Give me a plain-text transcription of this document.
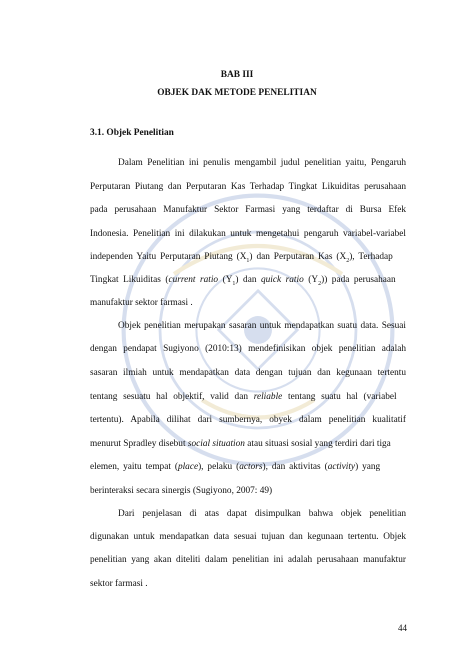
BAB III
OBJEK DAK METODE PENELITIAN
3.1. Objek Penelitian
Dalam Penelitian ini penulis mengambil judul penelitian yaitu, Pengaruh
Perputaran Piutang dan Perputaran Kas Terhadap Tingkat Likuiditas perusahaan
pada perusahaan Manufaktur Sektor Farmasi yang terdaftar di Bursa Efek
Indonesia. Penelitian ini dilakukan untuk mengetahui pengaruh variabel-variabel
independen Yaitu Perputaran Piutang $(X_1)$ dan Perputaran Kas $(X_2)$, Terhadap
Tingkat Likuiditas (current ratio $(Y_1)$ dan quick ratio $(Y_2)$) pada perusahaan
manufaktur sektor farmasi .
Objek penelitian merupakan sasaran untuk mendapatkan suatu data. Sesuai
dengan pendapat Sugiyono (2010:13) mendefinisikan objek penelitian adalah
sasaran ilmiah untuk mendapatkan data dengan tujuan dan kegunaan tertentu
tentang sesuatu hal objektif, valid dan reliable tentang suatu hal (variabel
tertentu). Apabila dilihat dari sumbernya, obyek dalam penelitian kualitatif
menurut Spradley disebut social situation atau situasi sosial yang terdiri dari tiga
elemen, yaitu tempat (place), pelaku (actors), dan aktivitas (activity) yang
berinteraksi secara sinergis (Sugiyono, 2007: 49)
Dari penjelasan di atas dapat disimpulkan bahwa objek penelitian
digunakan untuk mendapatkan data sesuai tujuan dan kegunaan tertentu. Objek
penelitian yang akan diteliti dalam penelitian ini adalah perusahaan manufaktur
sektor farmasi .
44
